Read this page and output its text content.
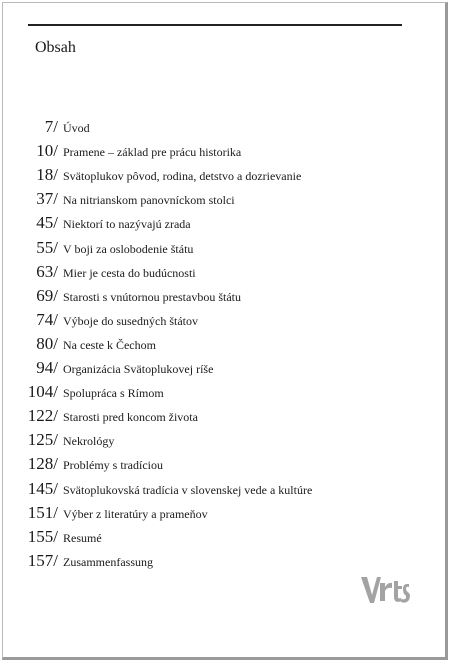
Obsah
7/ Úvod
10/ Pramene – základ pre prácu historika
18/ Svätoplukov pôvod, rodina, detstvo a dozrievanie
37/ Na nitrianskom panovníckom stolci
45/ Niektorí to nazývajú zrada
55/ V boji za oslobodenie štátu
63/ Mier je cesta do budúcnosti
69/ Starosti s vnútornou prestavbou štátu
74/ Výboje do susedných štátov
80/ Na ceste k Čechom
94/ Organizácia Svätoplukovej ríše
104/ Spolupráca s Rímom
122/ Starosti pred koncom života
125/ Nekrológy
128/ Problémy s tradíciou
145/ Svätoplukovská tradícia v slovenskej vede a kultúre
151/ Výber z literatúry a prameňov
155/ Resumé
157/ Zusammenfassung
